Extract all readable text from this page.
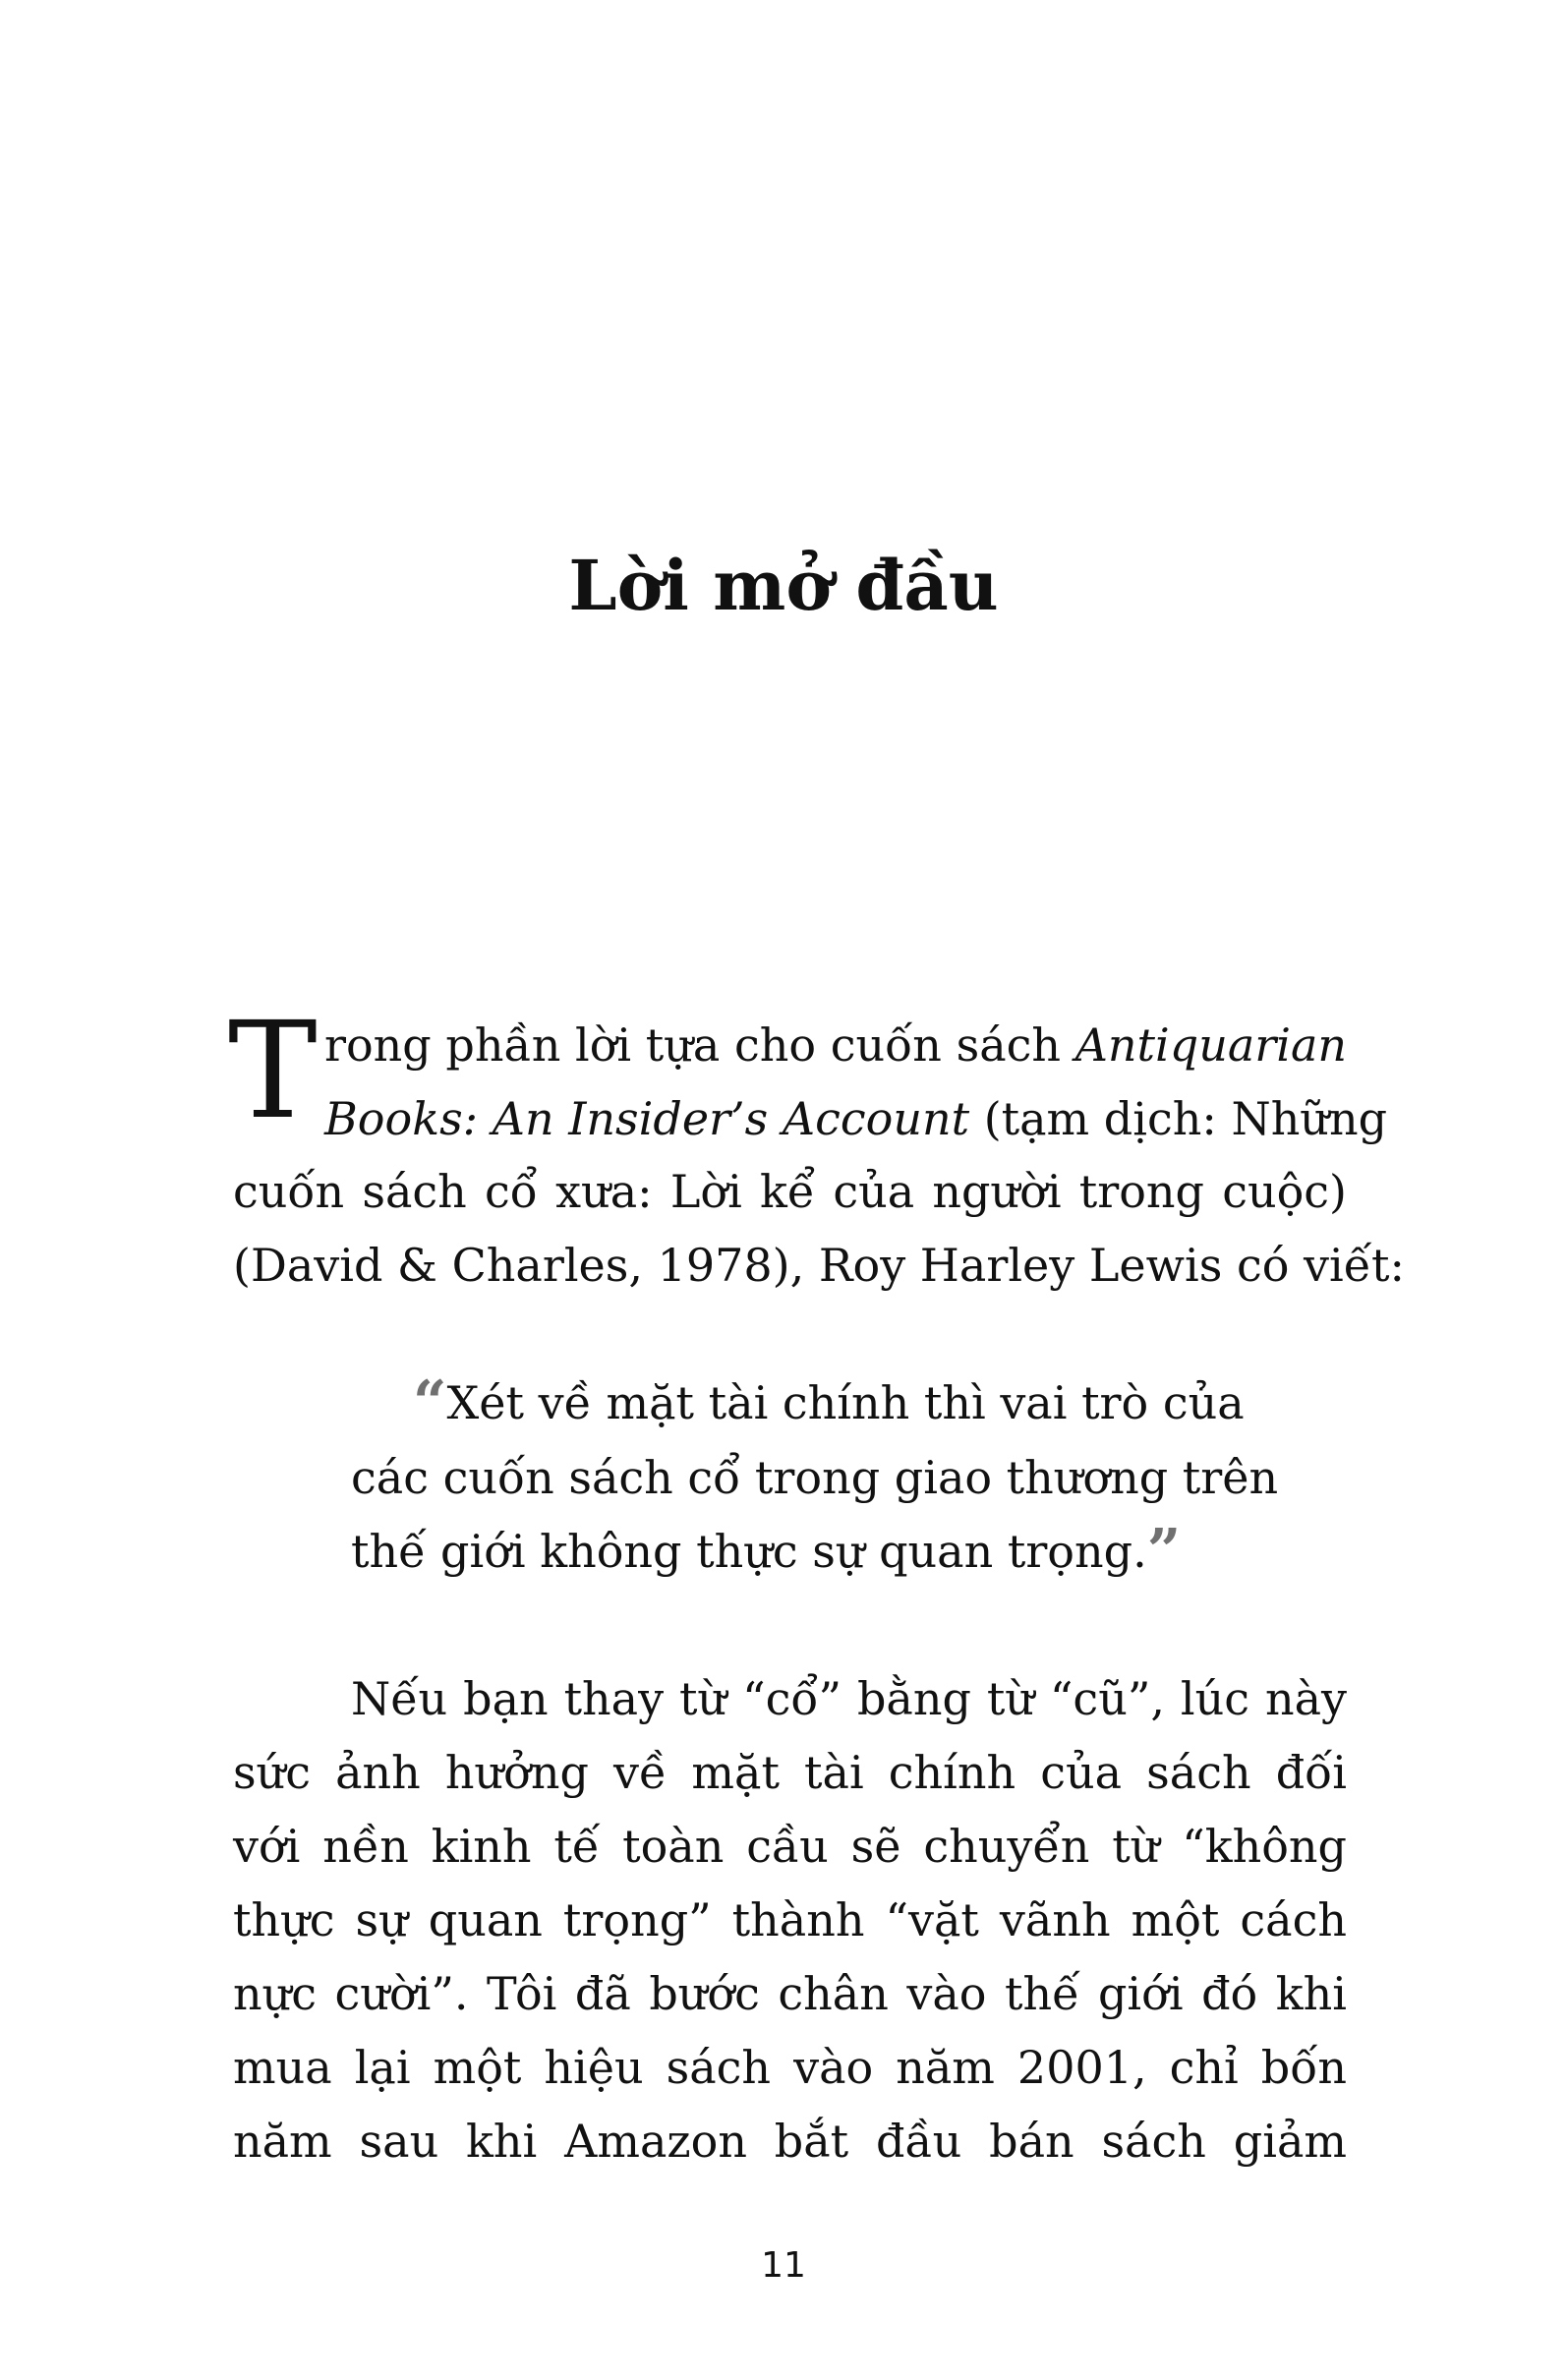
Lời mở đầu
T rong phần lời tựa cho cuốn sách Antiquarian

Books: An Insider’s Account (tạm dịch: Những

cuốn sách cổ xưa: Lời kể của người trong cuộc)

(David & Charles, 1978), Roy Harley Lewis có viết:

“Xét về mặt tài chính thì vai trò của

các cuốn sách cổ trong giao thương trên

thế giới không thực sự quan trọng.”

Nếu bạn thay từ “cổ” bằng từ “cũ”, lúc này

sức ảnh hưởng về mặt tài chính của sách đối

với nền kinh tế toàn cầu sẽ chuyển từ “không

thực sự quan trọng” thành “vặt vãnh một cách

nực cười”. Tôi đã bước chân vào thế giới đó khi

mua lại một hiệu sách vào năm 2001, chỉ bốn

năm sau khi Amazon bắt đầu bán sách giảm

11
